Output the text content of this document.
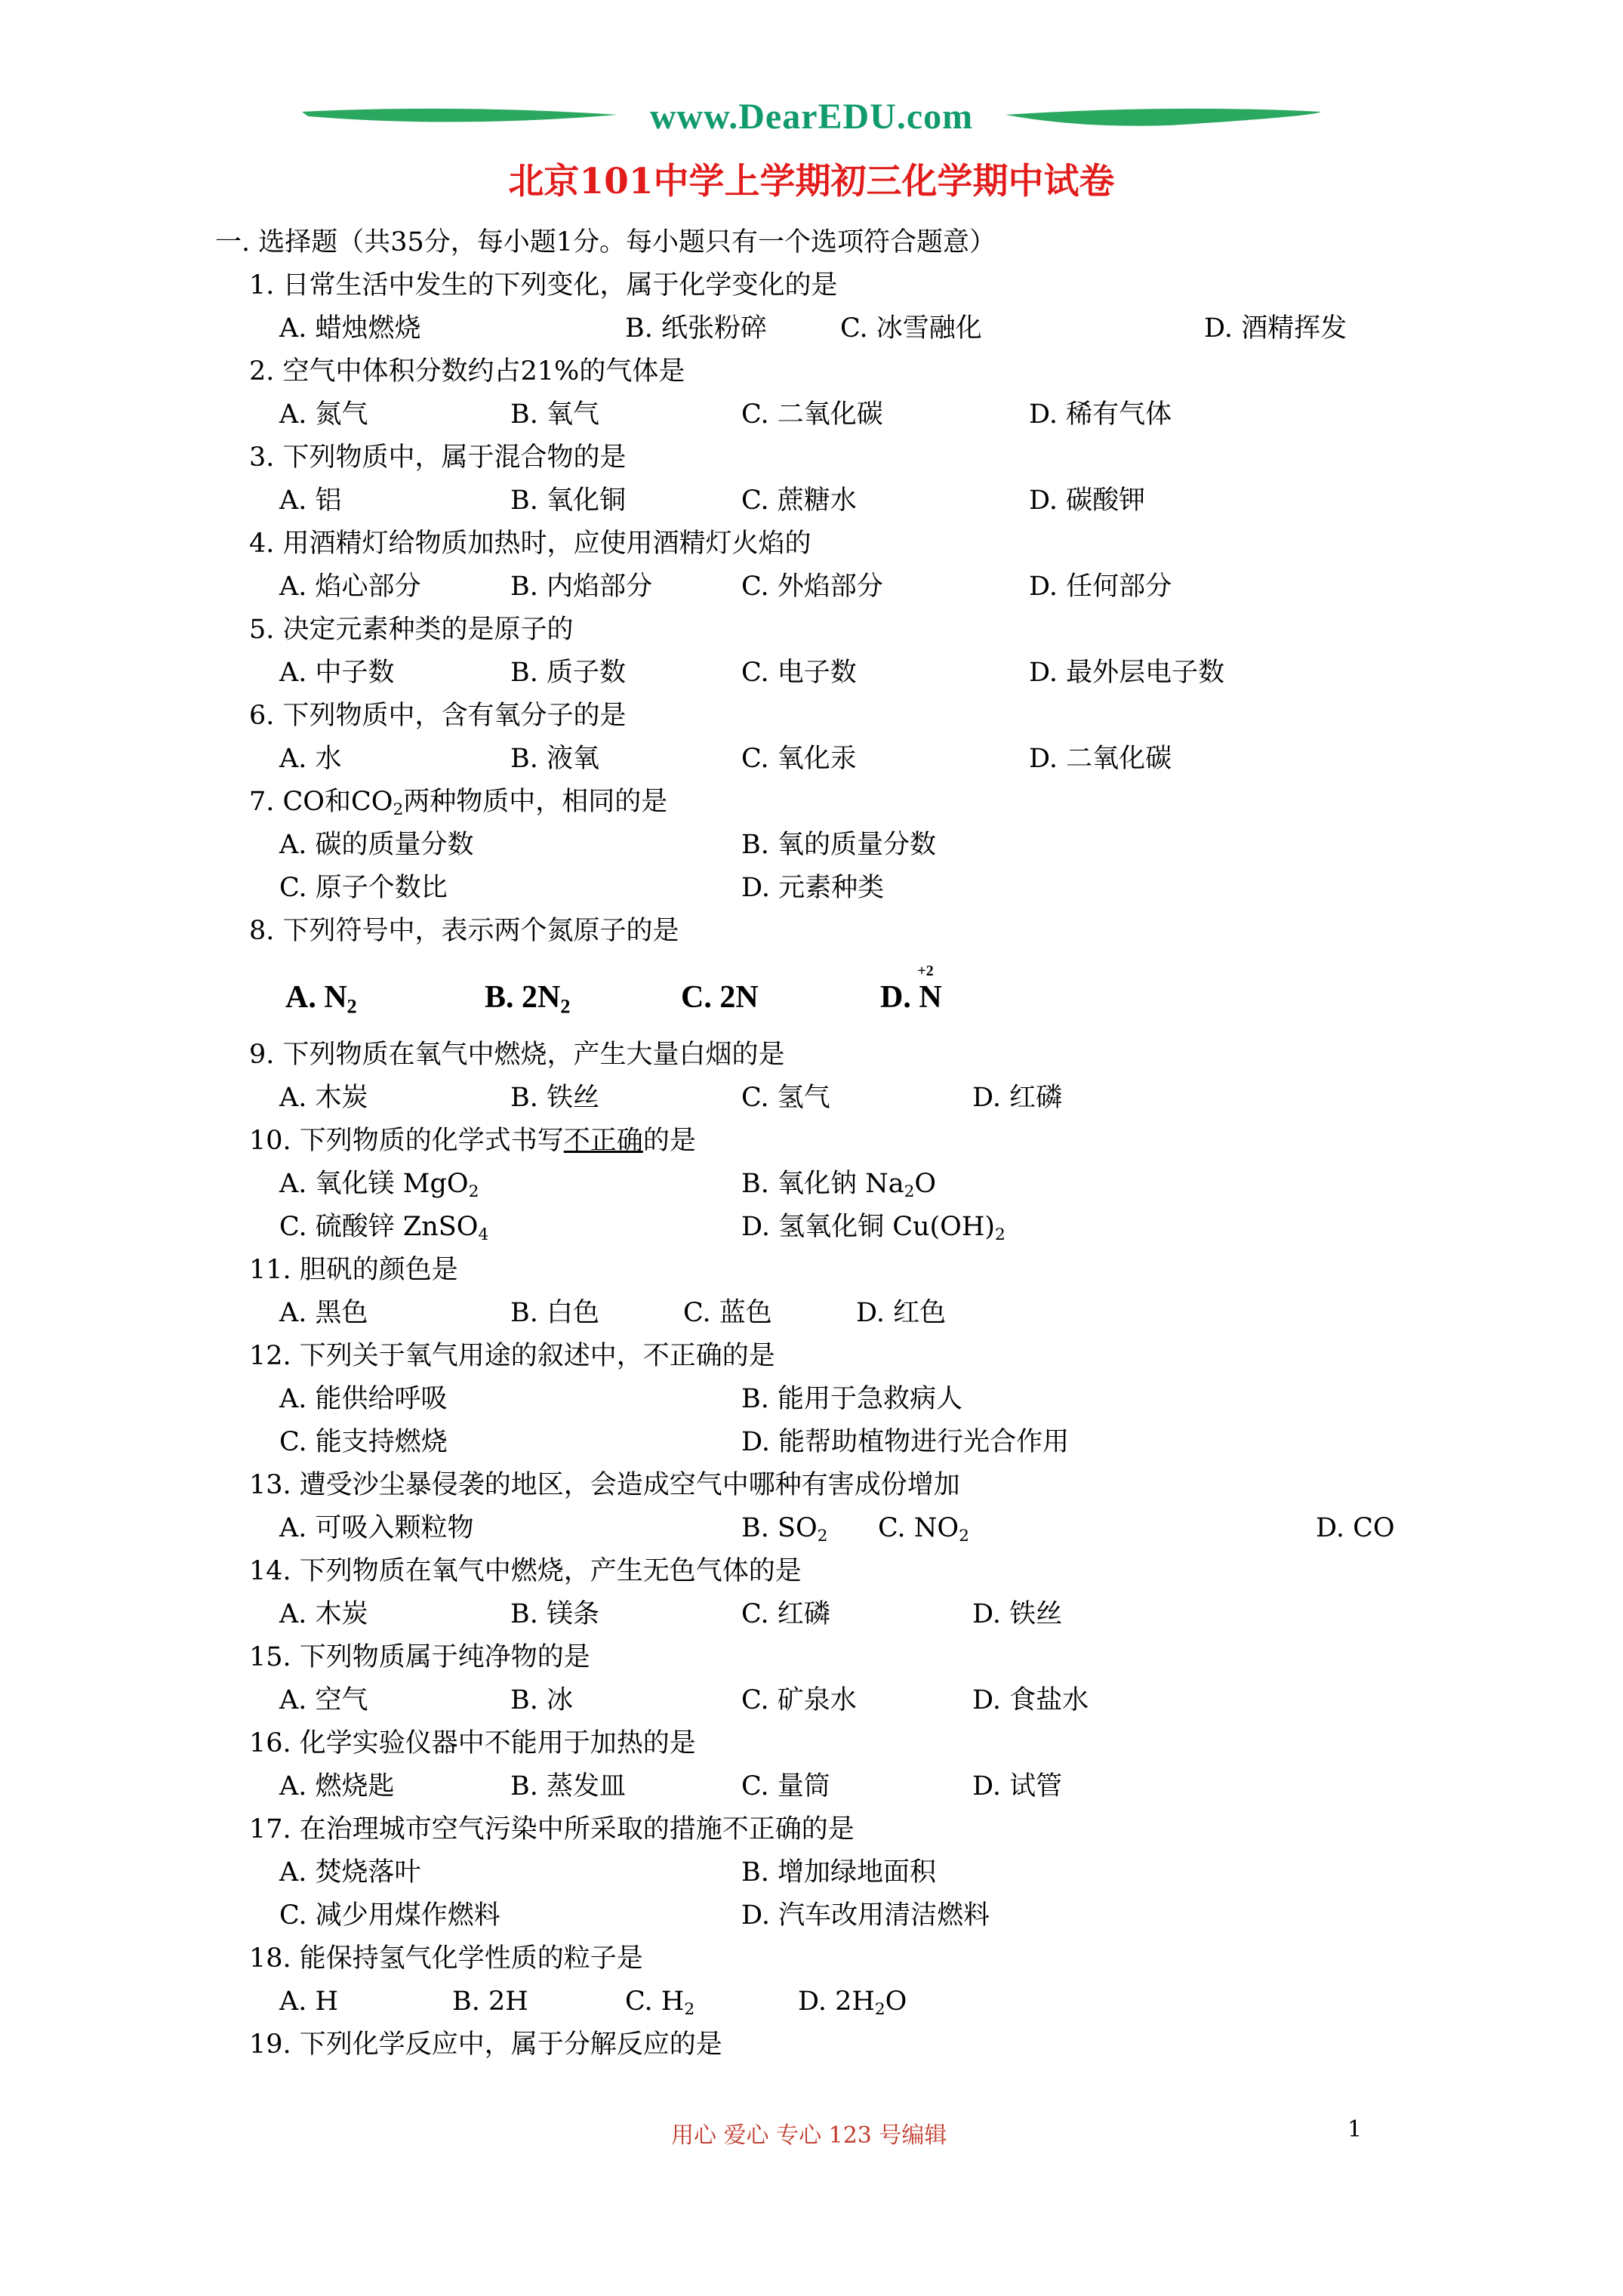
www.DearEDU.com
北京101中学上学期初三化学期中试卷
一. 选择题（共35分，每小题1分。每小题只有一个选项符合题意）
1. 日常生活中发生的下列变化，属于化学变化的是
A. 蜡烛燃烧	B. 纸张粉碎	C. 冰雪融化	D. 酒精挥发
2. 空气中体积分数约占21%的气体是
A. 氮气	B. 氧气	C. 二氧化碳	D. 稀有气体
3. 下列物质中，属于混合物的是
A. 铝	B. 氧化铜	C. 蔗糖水	D. 碳酸钾
4. 用酒精灯给物质加热时，应使用酒精灯火焰的
A. 焰心部分	B. 内焰部分	C. 外焰部分	D. 任何部分
5. 决定元素种类的是原子的
A. 中子数	B. 质子数	C. 电子数	D. 最外层电子数
6. 下列物质中，含有氧分子的是
A. 水	B. 液氧	C. 氧化汞	D. 二氧化碳
7. CO和$CO_2$两种物质中，相同的是
A. 碳的质量分数	B. 氧的质量分数
C. 原子个数比	D. 元素种类
8. 下列符号中，表示两个氮原子的是
A. $N_2$	B. $2N_2$	C. 2N	D.
+2
N
9. 下列物质在氧气中燃烧，产生大量白烟的是
A. 木炭	B. 铁丝	C. 氢气	D. 红磷
10. 下列物质的化学式书写不正确的是
A. 氧化镁 MgO$_2$	B. 氧化钠 $Na_2O$
C. 硫酸锌 ZnSO$_4$	D. 氢氧化铜 $Cu(OH)_2$
11. 胆矾的颜色是
A. 黑色	B. 白色	C. 蓝色	D. 红色
12. 下列关于氧气用途的叙述中，不正确的是
A. 能供给呼吸	B. 能用于急救病人
C. 能支持燃烧	D. 能帮助植物进行光合作用
13. 遭受沙尘暴侵袭的地区，会造成空气中哪种有害成份增加
A. 可吸入颗粒物	B. $SO_2$ C. $NO_2$	D. CO
14. 下列物质在氧气中燃烧，产生无色气体的是
A. 木炭	B. 镁条	C. 红磷	D. 铁丝
15. 下列物质属于纯净物的是
A. 空气	B. 冰	C. 矿泉水	D. 食盐水
16. 化学实验仪器中不能用于加热的是
A. 燃烧匙	B. 蒸发皿	C. 量筒	D. 试管
17. 在治理城市空气污染中所采取的措施不正确的是
A. 焚烧落叶	B. 增加绿地面积
C. 减少用煤作燃料	D. 汽车改用清洁燃料
18. 能保持氢气化学性质的粒子是
A. H	B. 2H	C. $H_2$	D. $2H_2O$
19. 下列化学反应中，属于分解反应的是
用心 爱心 专心 123 号编辑	1
